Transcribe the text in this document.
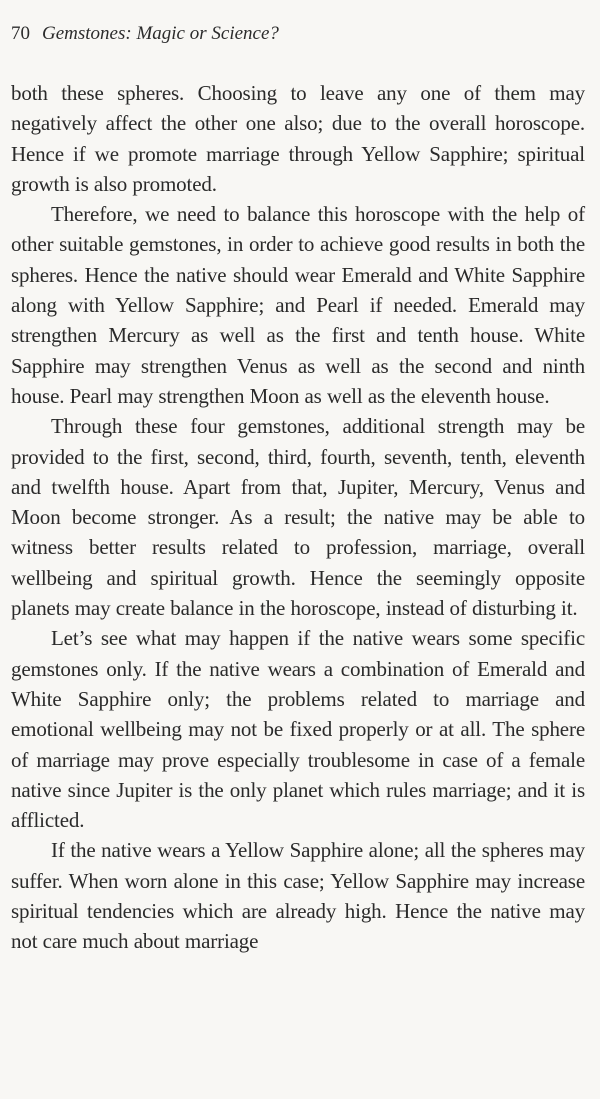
70 Gemstones: Magic or Science?

both these spheres. Choosing to leave any one of them may negatively affect the other one also; due to the overall horoscope. Hence if we promote marriage through Yellow Sapphire; spiritual growth is also promoted.

Therefore, we need to balance this horoscope with the help of other suitable gemstones, in order to achieve good results in both the spheres. Hence the native should wear Emerald and White Sapphire along with Yellow Sapphire; and Pearl if needed. Emerald may strengthen Mercury as well as the first and tenth house. White Sapphire may strengthen Venus as well as the second and ninth house. Pearl may strengthen Moon as well as the eleventh house.

Through these four gemstones, additional strength may be provided to the first, second, third, fourth, seventh, tenth, eleventh and twelfth house. Apart from that, Jupiter, Mercury, Venus and Moon become stronger. As a result; the native may be able to witness better results related to profession, marriage, overall wellbeing and spiritual growth. Hence the seemingly opposite planets may create balance in the horoscope, instead of disturbing it.

Let’s see what may happen if the native wears some specific gemstones only. If the native wears a combination of Emerald and White Sapphire only; the problems related to marriage and emotional wellbeing may not be fixed properly or at all. The sphere of marriage may prove especially troublesome in case of a female native since Jupiter is the only planet which rules marriage; and it is afflicted.

If the native wears a Yellow Sapphire alone; all the spheres may suffer. When worn alone in this case; Yellow Sapphire may increase spiritual tendencies which are already high. Hence the native may not care much about marriage
